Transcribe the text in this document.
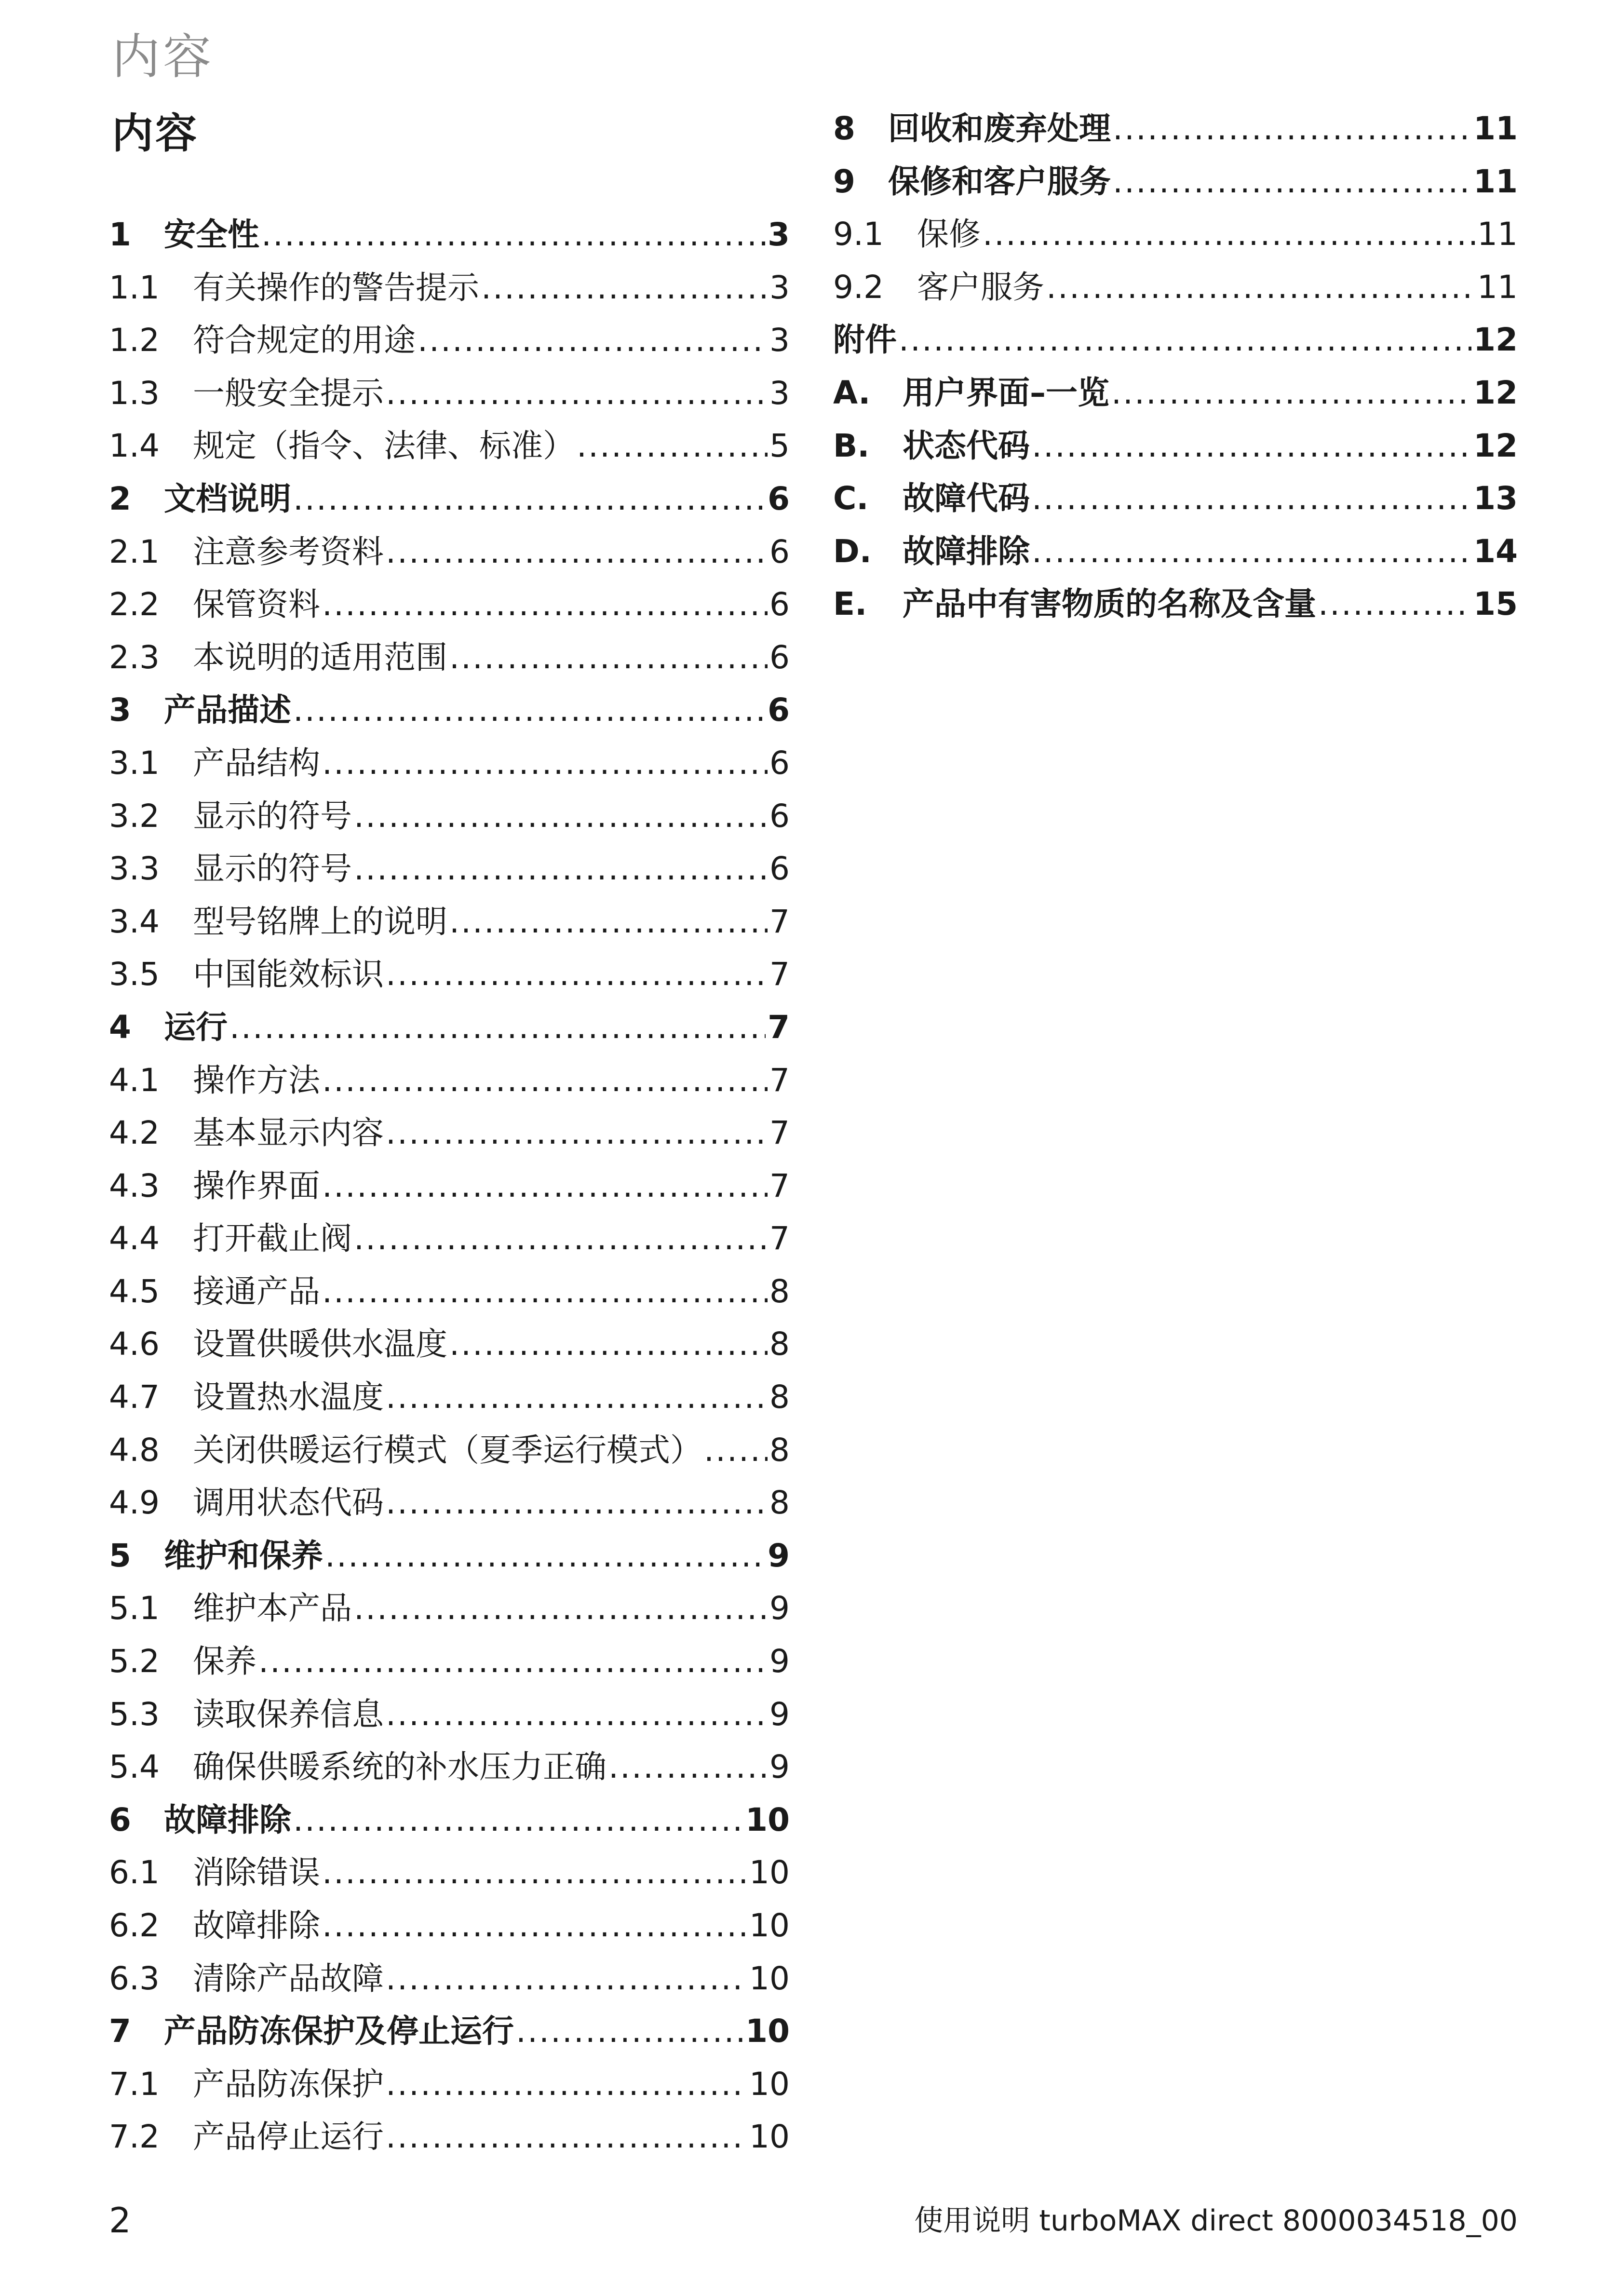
内容
内容
1	安全性 .....	3
1.1	有关操作的警告提示 .....	3
1.2	符合规定的用途 .....	3
1.3	一般安全提示 .....	3
1.4	规定（指令、法律、标准） .....	5
2	文档说明 .....	6
2.1	注意参考资料 .....	6
2.2	保管资料 .....	6
2.3	本说明的适用范围 .....	6
3	产品描述 .....	6
3.1	产品结构 .....	6
3.2	显示的符号 .....	6
3.3	显示的符号 .....	6
3.4	型号铭牌上的说明 .....	7
3.5	中国能效标识 .....	7
4	运行 .....	7
4.1	操作方法 .....	7
4.2	基本显示内容 .....	7
4.3	操作界面 .....	7
4.4	打开截止阀 .....	7
4.5	接通产品 .....	8
4.6	设置供暖供水温度 .....	8
4.7	设置热水温度 .....	8
4.8	关闭供暖运行模式（夏季运行模式） ..... 8
4.9	调用状态代码 .....	8
5	维护和保养 .....	9
5.1	维护本产品 .....	9
5.2	保养 .....	9
5.3	读取保养信息 .....	9
5.4	确保供暖系统的补水压力正确 .....	9
6	故障排除 .....	10
6.1	消除错误 .....	10
6.2	故障排除 .....	10
6.3	清除产品故障 .....	10
7	产品防冻保护及停止运行 .....	10
7.1	产品防冻保护 .....	10
7.2	产品停止运行 .....	10
8	回收和废弃处理 .....	11
9	保修和客户服务 .....	11
9.1	保修 .....	11
9.2	客户服务 .....	11
附件 .....	12
A.	用户界面–一览 .....	12
B.	状态代码 .....	12
C.	故障代码 .....	13
D. 故障排除 .....	14
E.	产品中有害物质的名称及含量 .....	15
2	使用说明 turboMAX direct 8000034518_00
